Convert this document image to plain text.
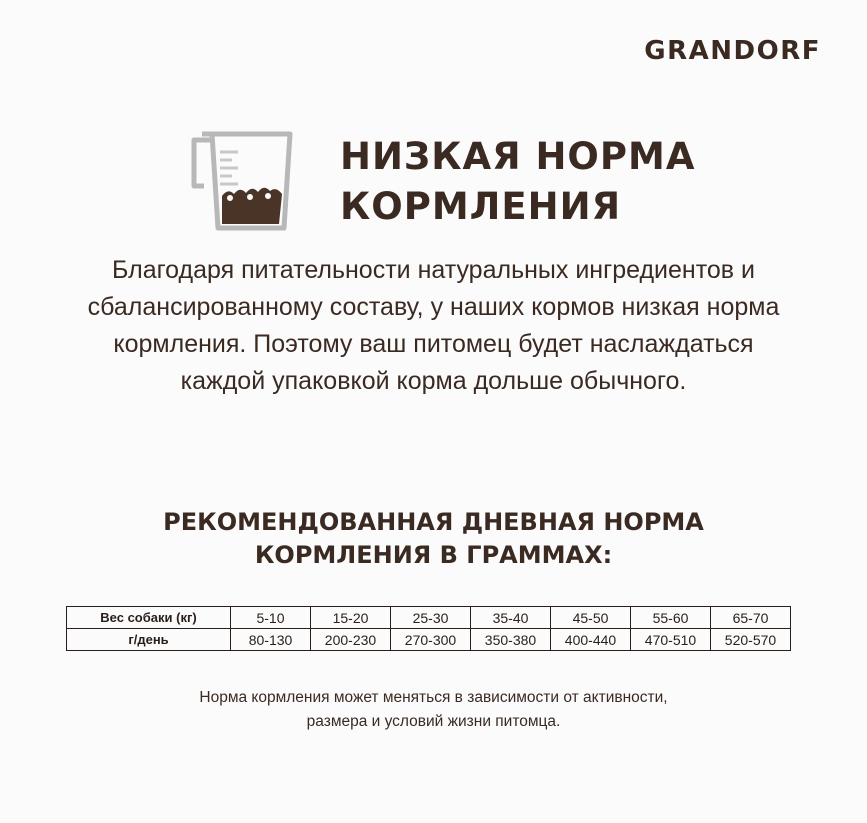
GRANDORF
НИЗКАЯ НОРМА
КОРМЛЕНИЯ
Благодаря питательности натуральных ингредиентов и
сбалансированному составу, у наших кормов низкая норма
кормления. Поэтому ваш питомец будет наслаждаться
каждой упаковкой корма дольше обычного.
РЕКОМЕНДОВАННАЯ ДНЕВНАЯ НОРМА
КОРМЛЕНИЯ В ГРАММАХ:
Вес собаки (кг)	5-10	15-20	25-30	35-40	45-50	55-60	65-70
г/день	80-130	200-230	270-300	350-380	400-440	470-510	520-570
Норма кормления может меняться в зависимости от активности,
размера и условий жизни питомца.
